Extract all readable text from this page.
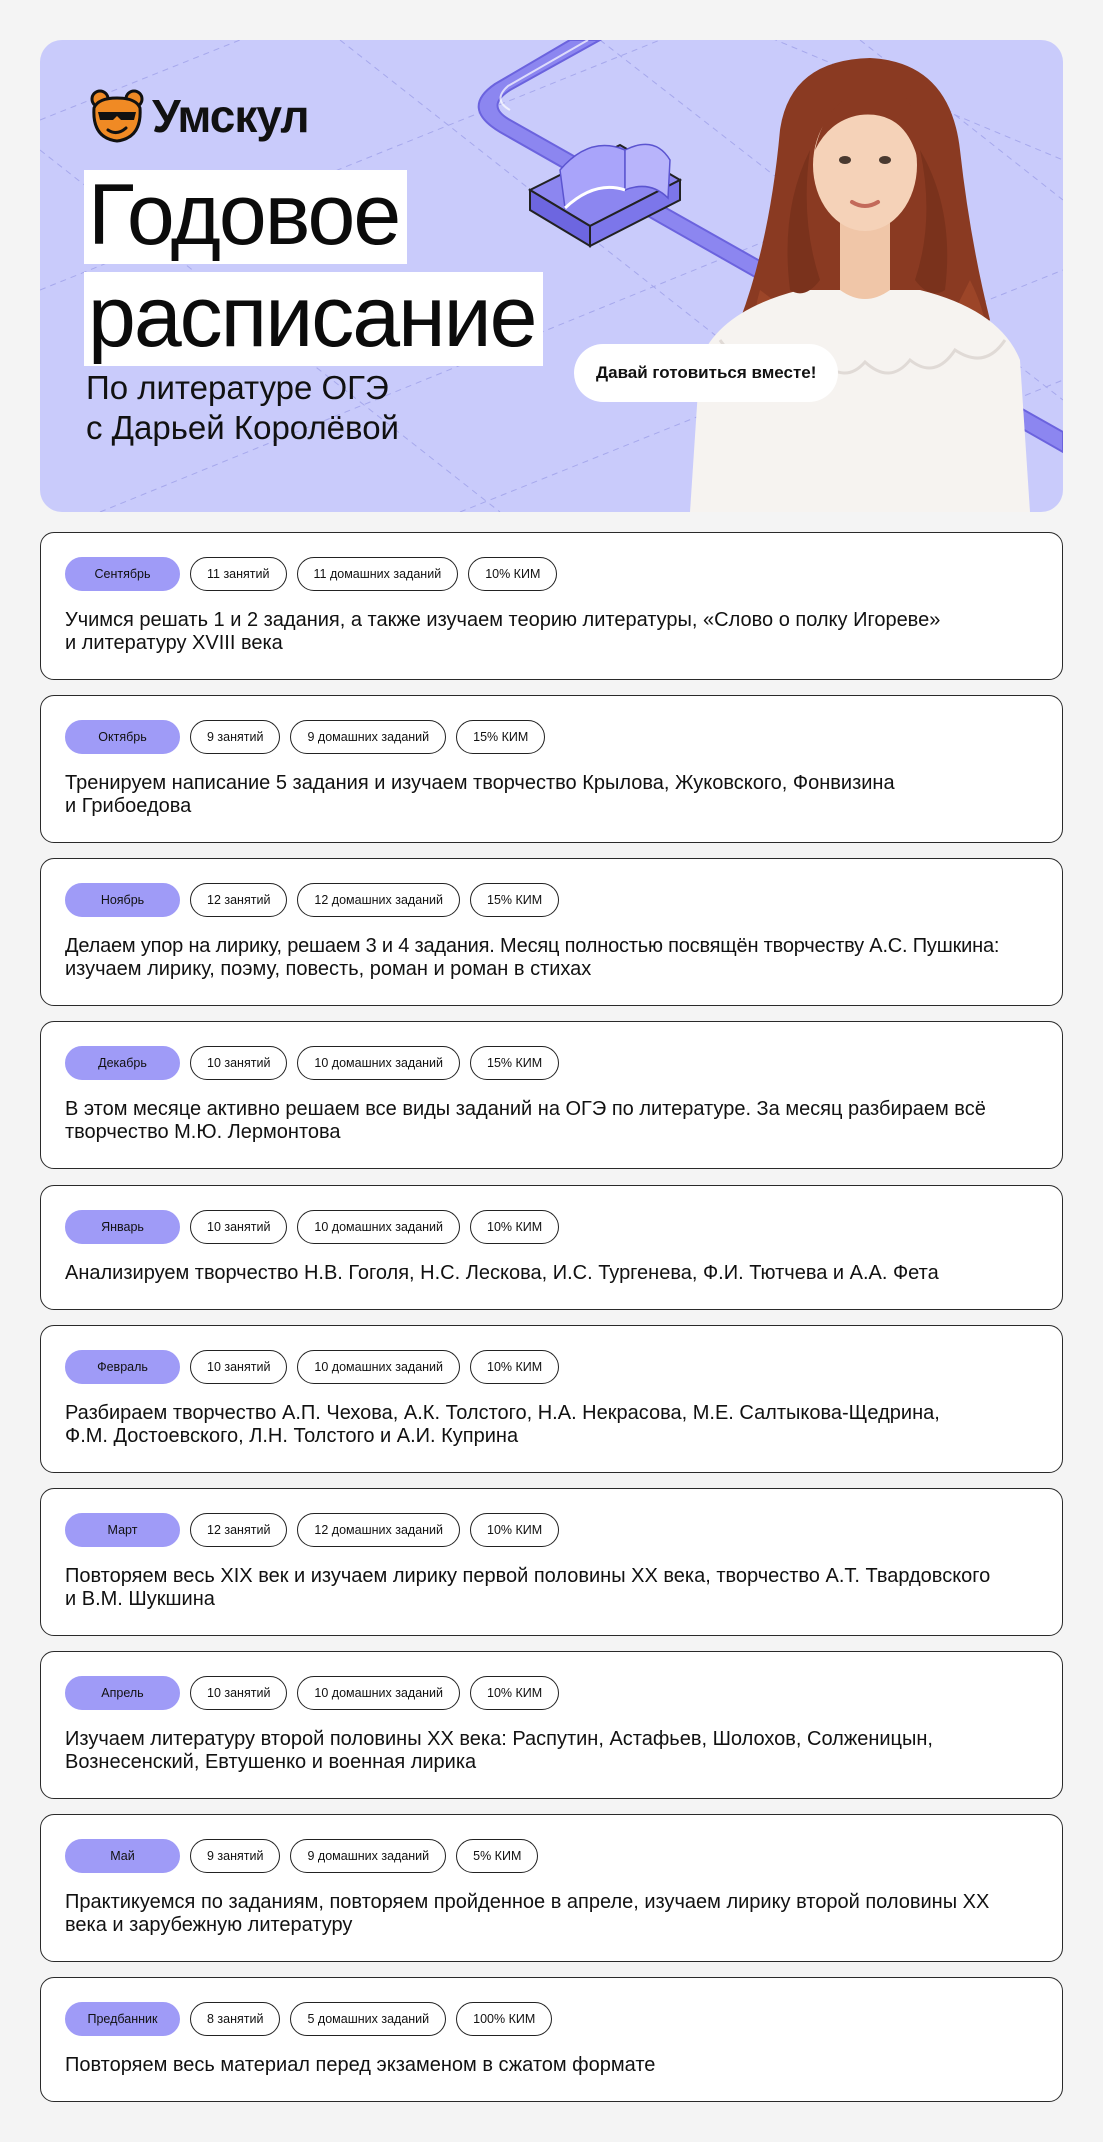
Умскул
Годовое
расписание
По литературе ОГЭ
с Дарьей Королёвой
Давай готовиться вместе!
Сентябрь	11 занятий	11 домашних заданий	10% КИМ
Учимся решать 1 и 2 задания, а также изучаем теорию литературы, «Слово о полку Игореве»
и литературу XVIII века
Октябрь	9 занятий	9 домашних заданий	15% КИМ
Тренируем написание 5 задания и изучаем творчество Крылова, Жуковского, Фонвизина
и Грибоедова
Ноябрь	12 занятий	12 домашних заданий	15% КИМ
Делаем упор на лирику, решаем 3 и 4 задания. Месяц полностью посвящён творчеству А.С. Пушкина:
изучаем лирику, поэму, повесть, роман и роман в стихах
Декабрь	10 занятий	10 домашних заданий	15% КИМ
В этом месяце активно решаем все виды заданий на ОГЭ по литературе. За месяц разбираем всё
творчество М.Ю. Лермонтова
Январь	10 занятий	10 домашних заданий	10% КИМ
Анализируем творчество Н.В. Гоголя, Н.С. Лескова, И.С. Тургенева, Ф.И. Тютчева и А.А. Фета
Февраль	10 занятий	10 домашних заданий	10% КИМ
Разбираем творчество А.П. Чехова, А.К. Толстого, Н.А. Некрасова, М.Е. Салтыкова-Щедрина,
Ф.М. Достоевского, Л.Н. Толстого и А.И. Куприна
Март	12 занятий	12 домашних заданий	10% КИМ
Повторяем весь XIX век и изучаем лирику первой половины XX века, творчество А.Т. Твардовского
и В.М. Шукшина
Апрель	10 занятий	10 домашних заданий	10% КИМ
Изучаем литературу второй половины XX века: Распутин, Астафьев, Шолохов, Солженицын,
Вознесенский, Евтушенко и военная лирика
Май	9 занятий	9 домашних заданий	5% КИМ
Практикуемся по заданиям, повторяем пройденное в апреле, изучаем лирику второй половины XX
века и зарубежную литературу
Предбанник	8 занятий	5 домашних заданий	100% КИМ
Повторяем весь материал перед экзаменом в сжатом формате
